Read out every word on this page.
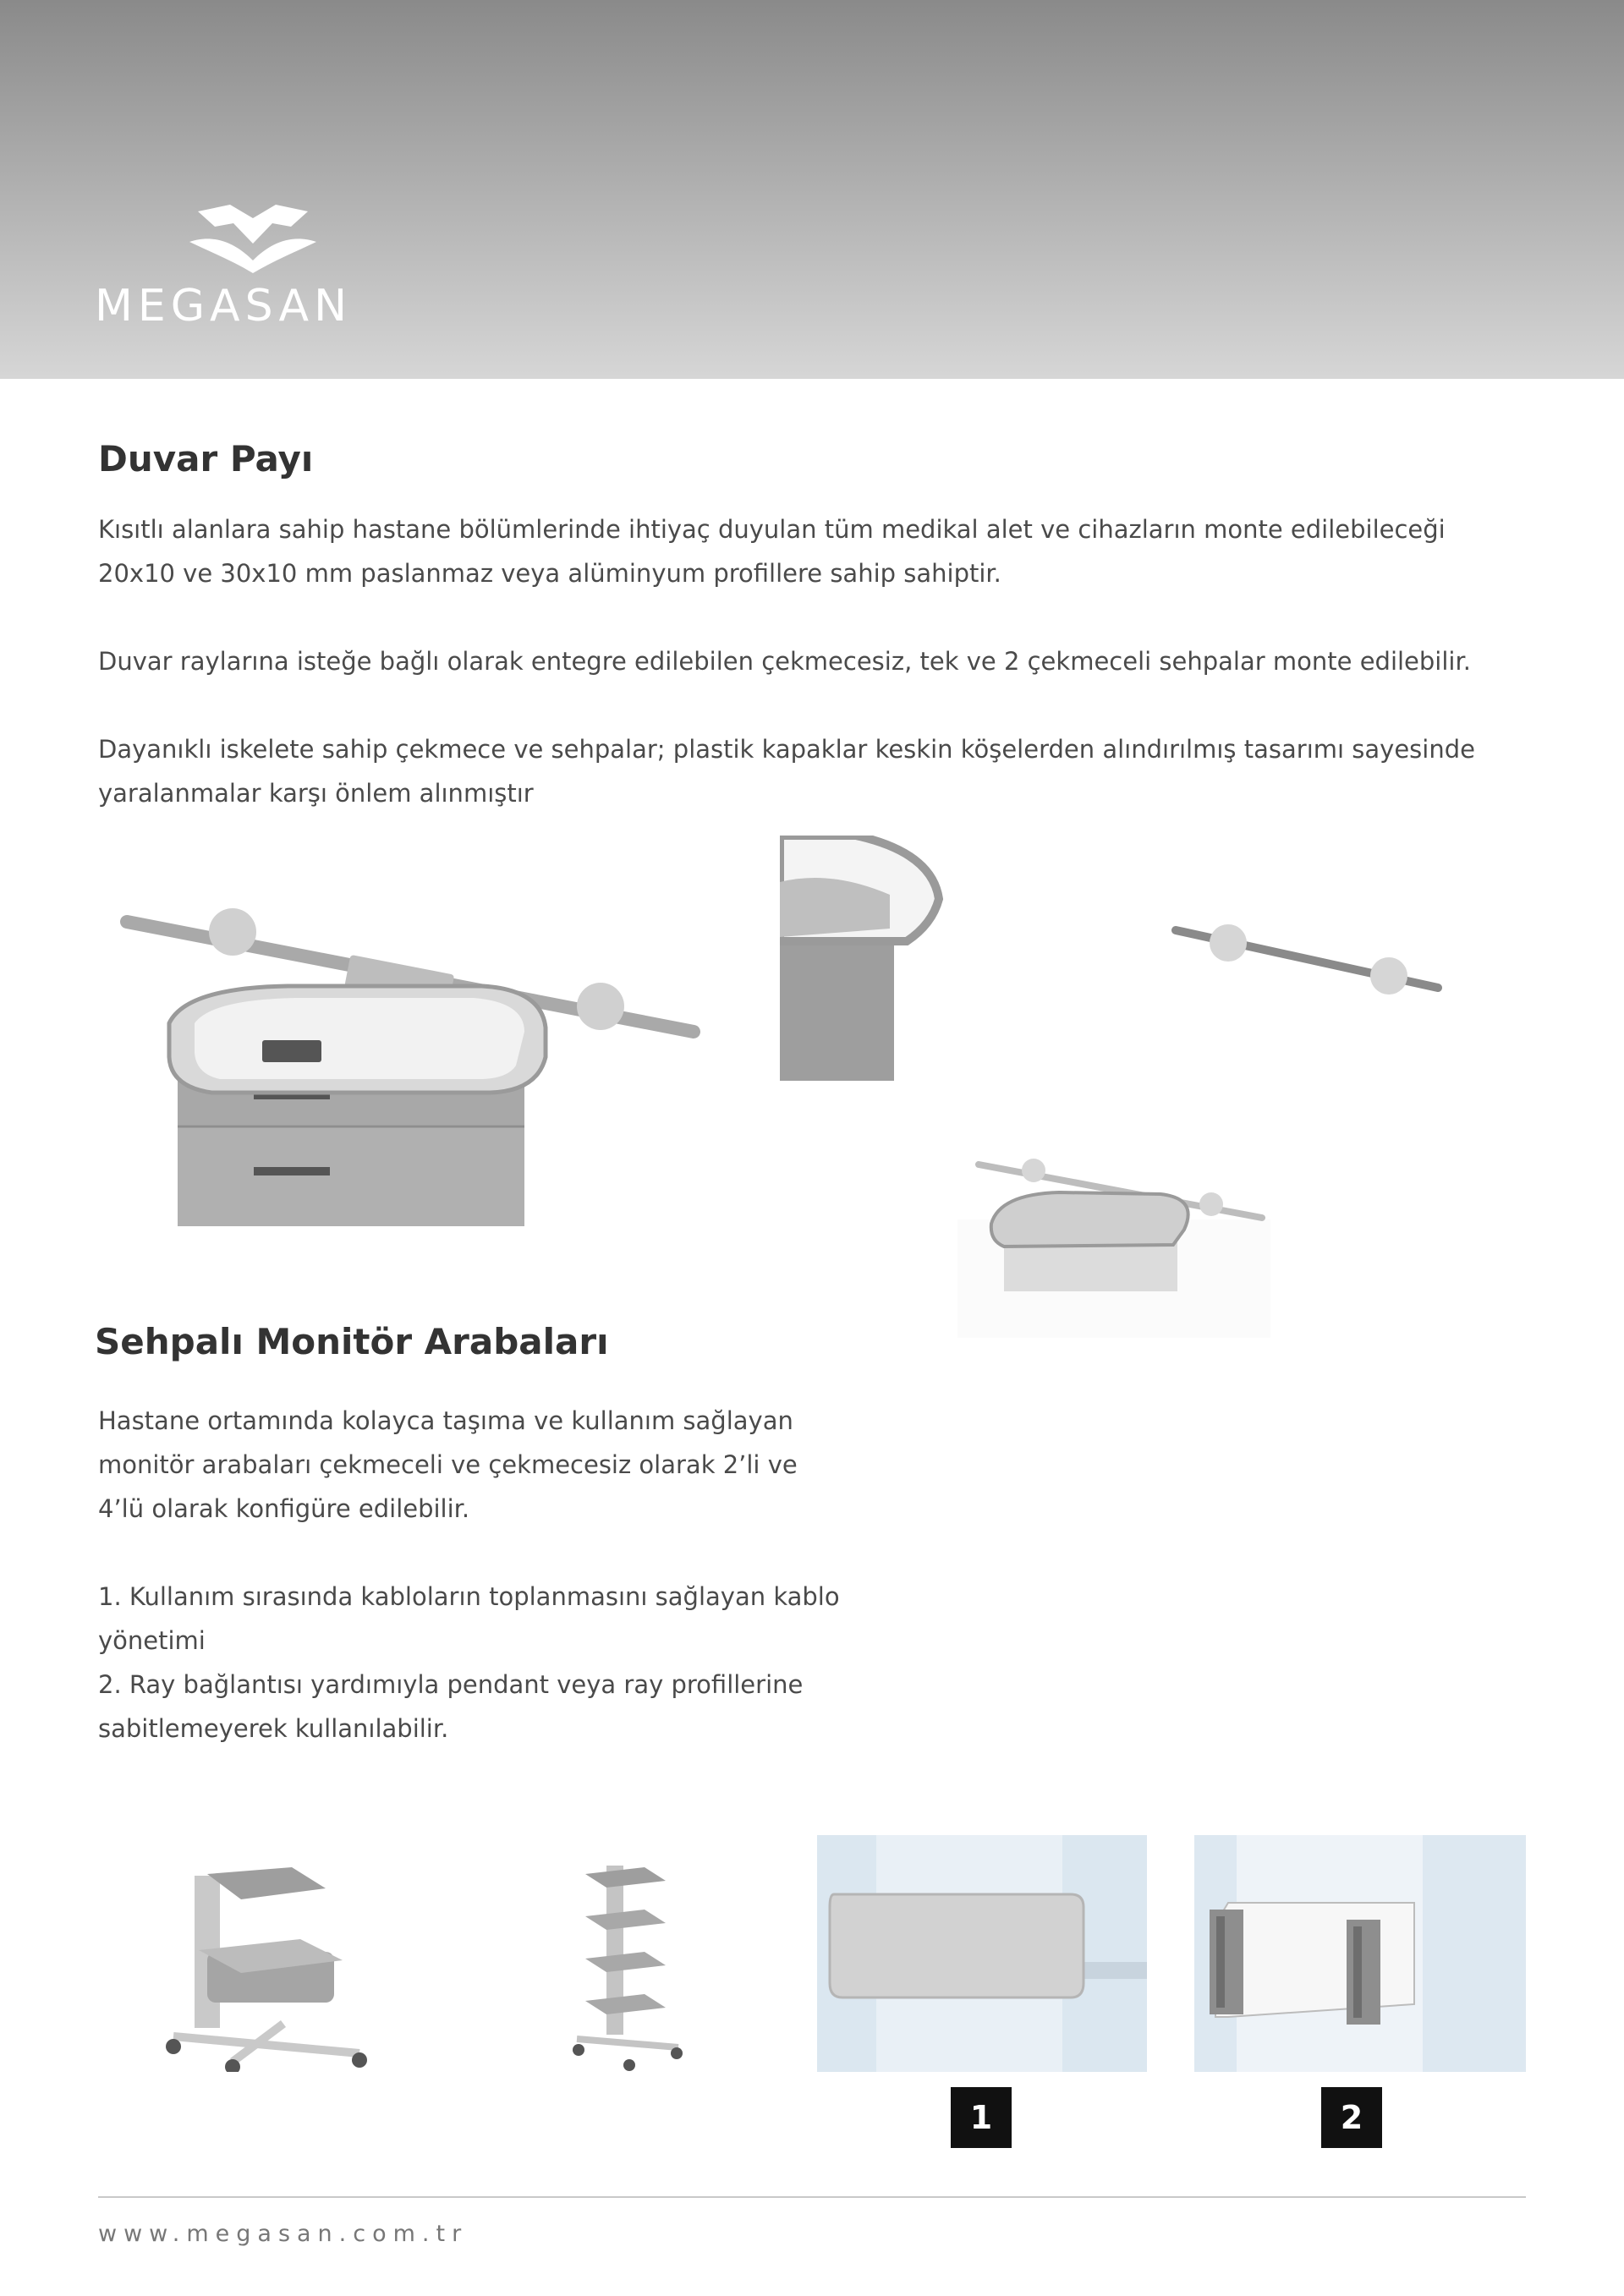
MEGASAN
Duvar Payı

Kısıtlı alanlara sahip hastane bölümlerinde ihtiyaç duyulan tüm medikal alet ve cihazların monte edilebileceği 20x10 ve 30x10 mm paslanmaz veya alüminyum profillere sahip sahiptir.

Duvar raylarına isteğe bağlı olarak entegre edilebilen çekmecesiz, tek ve 2 çekmeceli sehpalar monte edilebilir.

Dayanıklı iskelete sahip çekmece ve sehpalar; plastik kapaklar keskin köşelerden alındırılmış tasarımı sayesinde yaralanmalar karşı önlem alınmıştır

Sehpalı Monitör Arabaları

Hastane ortamında kolayca taşıma ve kullanım sağlayan monitör arabaları çekmeceli ve çekmecesiz olarak 2’li ve 4’lü olarak konfigüre edilebilir.

1. Kullanım sırasında kabloların toplanmasını sağlayan kablo yönetimi

2. Ray bağlantısı yardımıyla pendant veya ray profillerine sabitlemeyerek kullanılabilir.

1	2
www.megasan.com.tr
